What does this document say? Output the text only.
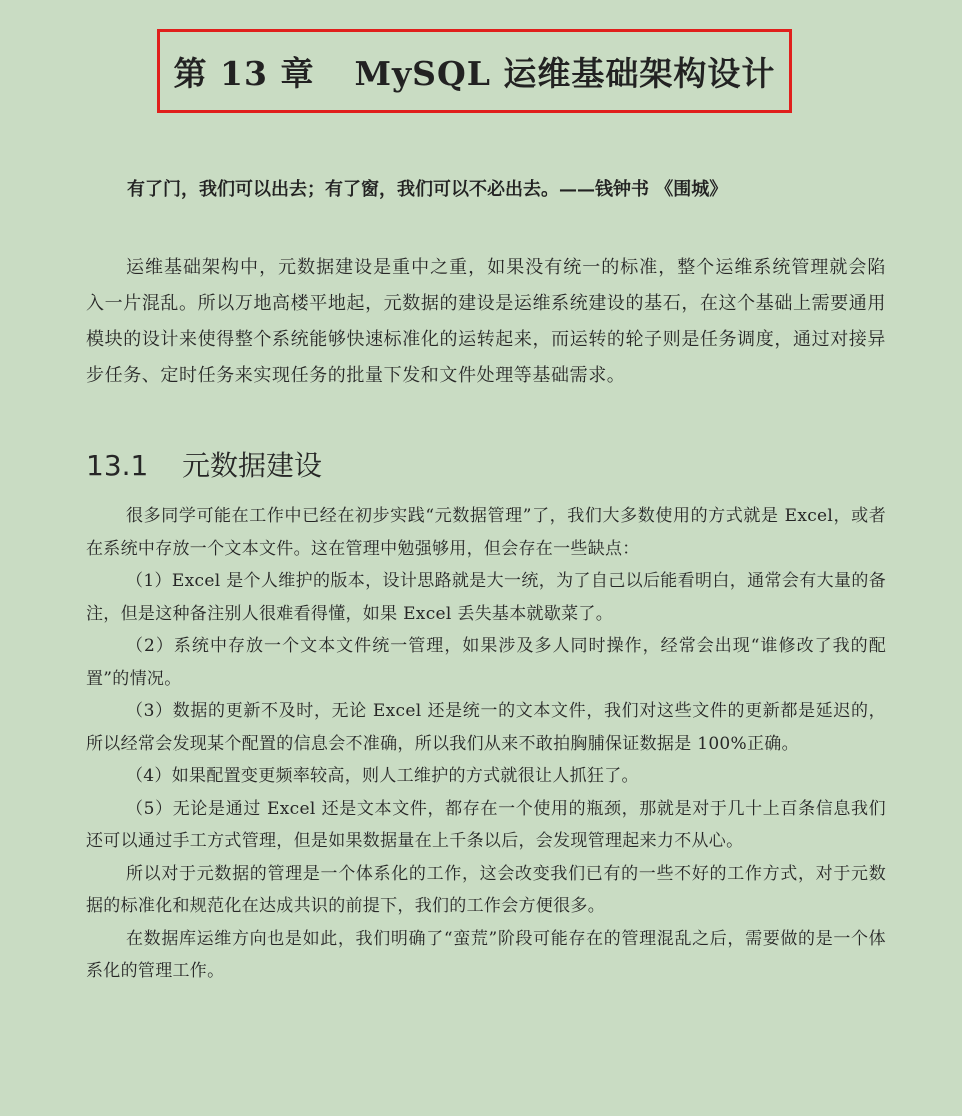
第 13 章 MySQL 运维基础架构设计

有了门，我们可以出去；有了窗，我们可以不必出去。——钱钟书 《围城》

运维基础架构中，元数据建设是重中之重，如果没有统一的标准，整个运维系统管理就会陷入一片混乱。所以万地高楼平地起，元数据的建设是运维系统建设的基石，在这个基础上需要通用模块的设计来使得整个系统能够快速标准化的运转起来，而运转的轮子则是任务调度，通过对接异步任务、定时任务来实现任务的批量下发和文件处理等基础需求。

13.1 元数据建设

很多同学可能在工作中已经在初步实践“元数据管理”了，我们大多数使用的方式就是 Excel，或者在系统中存放一个文本文件。这在管理中勉强够用，但会存在一些缺点：

（1）Excel 是个人维护的版本，设计思路就是大一统，为了自己以后能看明白，通常会有大量的备注，但是这种备注别人很难看得懂，如果 Excel 丢失基本就歇菜了。

（2）系统中存放一个文本文件统一管理，如果涉及多人同时操作，经常会出现“谁修改了我的配置”的情况。

（3）数据的更新不及时，无论 Excel 还是统一的文本文件，我们对这些文件的更新都是延迟的，所以经常会发现某个配置的信息会不准确，所以我们从来不敢拍胸脯保证数据是 100%正确。

（4）如果配置变更频率较高，则人工维护的方式就很让人抓狂了。

（5）无论是通过 Excel 还是文本文件，都存在一个使用的瓶颈，那就是对于几十上百条信息我们还可以通过手工方式管理，但是如果数据量在上千条以后，会发现管理起来力不从心。

所以对于元数据的管理是一个体系化的工作，这会改变我们已有的一些不好的工作方式，对于元数据的标准化和规范化在达成共识的前提下，我们的工作会方便很多。

在数据库运维方向也是如此，我们明确了“蛮荒”阶段可能存在的管理混乱之后，需要做的是一个体系化的管理工作。
